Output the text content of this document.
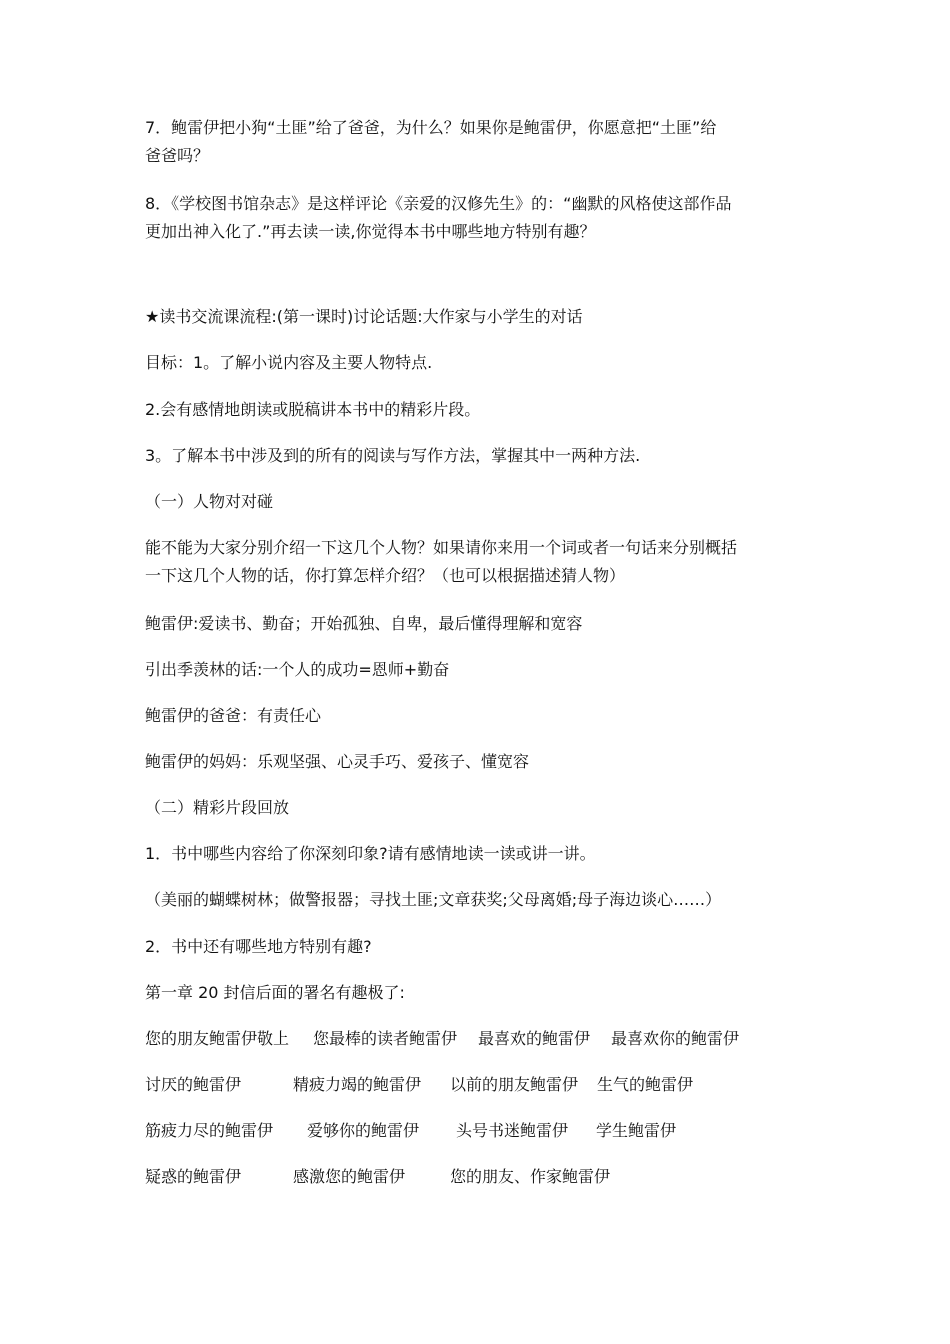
7．鲍雷伊把小狗“土匪”给了爸爸，为什么？如果你是鲍雷伊，你愿意把“土匪”给
爸爸吗？

8．《学校图书馆杂志》是这样评论《亲爱的汉修先生》的：“幽默的风格使这部作品
更加出神入化了.”再去读一读,你觉得本书中哪些地方特别有趣？

★读书交流课流程:(第一课时)讨论话题:大作家与小学生的对话

目标：1。了解小说内容及主要人物特点.

2.会有感情地朗读或脱稿讲本书中的精彩片段。

3。了解本书中涉及到的所有的阅读与写作方法，掌握其中一两种方法.

（一）人物对对碰

能不能为大家分别介绍一下这几个人物？如果请你来用一个词或者一句话来分别概括
一下这几个人物的话，你打算怎样介绍？（也可以根据描述猜人物）

鲍雷伊:爱读书、勤奋；开始孤独、自卑，最后懂得理解和宽容

引出季羡林的话:一个人的成功=恩师+勤奋

鲍雷伊的爸爸：有责任心

鲍雷伊的妈妈：乐观坚强、心灵手巧、爱孩子、懂宽容

（二）精彩片段回放

1．书中哪些内容给了你深刻印象?请有感情地读一读或讲一讲。

（美丽的蝴蝶树林；做警报器；寻找土匪;文章获奖;父母离婚;母子海边谈心……）

2．书中还有哪些地方特别有趣?

第一章 20 封信后面的署名有趣极了:

您的朋友鲍雷伊敬上 您最棒的读者鲍雷伊 最喜欢的鲍雷伊 最喜欢你的鲍雷伊
讨厌的鲍雷伊	精疲力竭的鲍雷伊 以前的朋友鲍雷伊 生气的鲍雷伊
筋疲力尽的鲍雷伊 爱够你的鲍雷伊 头号书迷鲍雷伊 学生鲍雷伊
疑惑的鲍雷伊	感激您的鲍雷伊	您的朋友、作家鲍雷伊
